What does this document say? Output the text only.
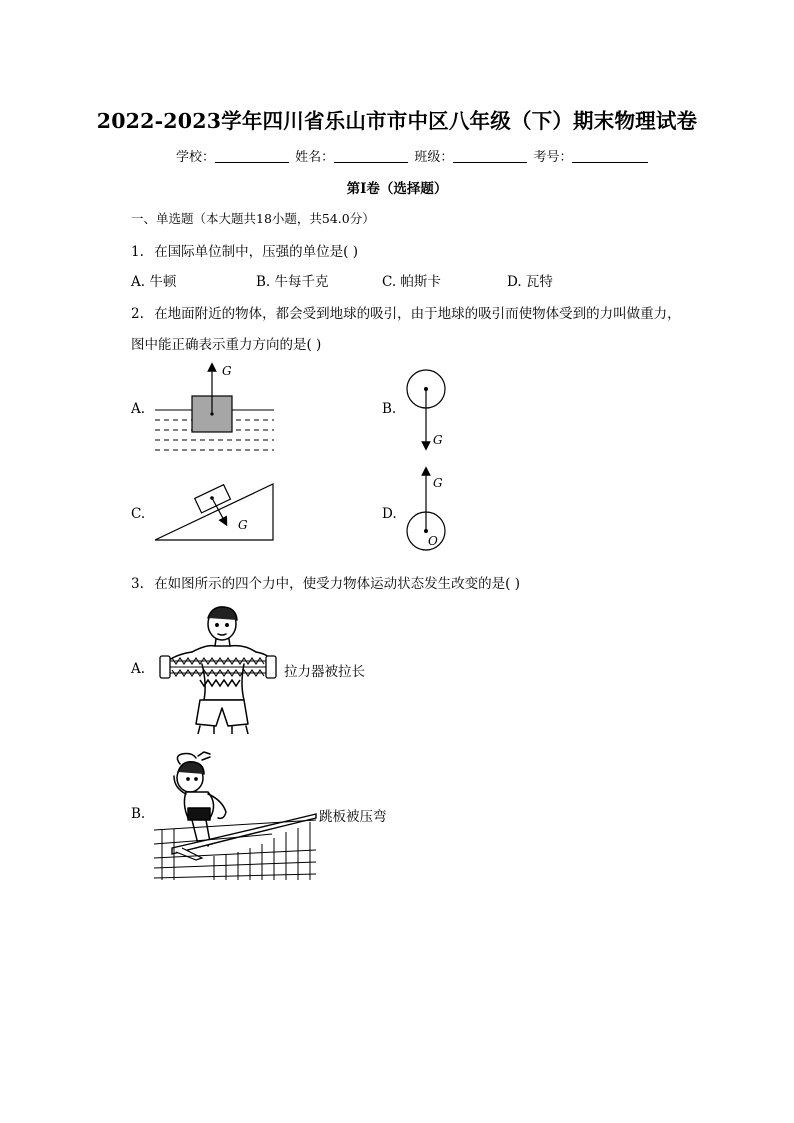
2022-2023学年四川省乐山市市中区八年级（下）期末物理试卷
学校：	姓名：	班级：	考号：
第Ⅰ卷（选择题）
一、单选题（本大题共18小题，共54.0分）
1. 在国际单位制中，压强的单位是( )
A. 牛顿	B. 牛每千克	C. 帕斯卡	D. 瓦特
2. 在地面附近的物体，都会受到地球的吸引，由于地球的吸引而使物体受到的力叫做重力，
图中能正确表示重力方向的是( )
A.	B.
C.	D.
G
G
G
G
O
3. 在如图所示的四个力中，使受力物体运动状态发生改变的是( )
A.	拉力器被拉长
B.	跳板被压弯
